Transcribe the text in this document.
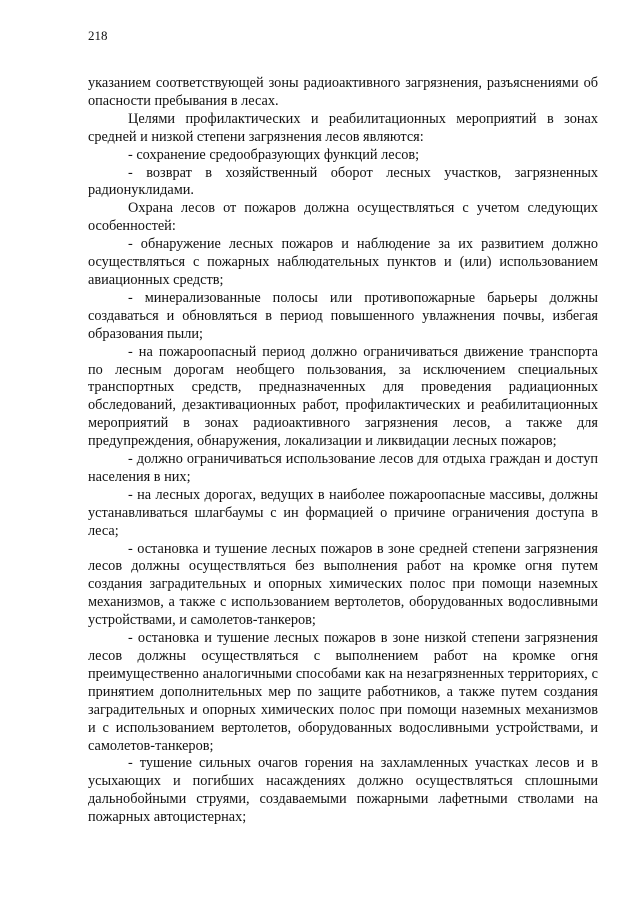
218

указанием соответствующей зоны радиоактивного загрязнения, разъяснениями об опасности пребывания в лесах.

Целями профилактических и реабилитационных мероприятий в зонах средней и низкой степени загрязнения лесов являются:

- сохранение средообразующих функций лесов;

- возврат в хозяйственный оборот лесных участков, загрязненных радионуклидами.

Охрана лесов от пожаров должна осуществляться с учетом следующих особенностей:

- обнаружение лесных пожаров и наблюдение за их развитием должно осуществляться с пожарных наблюдательных пунктов и (или) использованием авиационных средств;

- минерализованные полосы или противопожарные барьеры должны создаваться и обновляться в период повышенного увлажнения почвы, избегая образования пыли;

- на пожароопасный период должно ограничиваться движение транспорта по лесным дорогам необщего пользования, за исключением специальных транспортных средств, предназначенных для проведения радиационных обследований, дезактивационных работ, профилактических и реабилитационных мероприятий в зонах радиоактивного загрязнения лесов, а также для предупреждения, обнаружения, локализации и ликвидации лесных пожаров;

- должно ограничиваться использование лесов для отдыха граждан и доступ населения в них;

- на лесных дорогах, ведущих в наиболее пожароопасные массивы, должны устанавливаться шлагбаумы с ин формацией о причине ограничения доступа в леса;

- остановка и тушение лесных пожаров в зоне средней степени загрязнения лесов должны осуществляться без выполнения работ на кромке огня путем создания заградительных и опорных химических полос при помощи наземных механизмов, а также с использованием вертолетов, оборудованных водосливными устройствами, и самолетов-танкеров;

- остановка и тушение лесных пожаров в зоне низкой степени загрязнения лесов должны осуществляться с выполнением работ на кромке огня преимущественно аналогичными способами как на незагрязненных территориях, с принятием дополнительных мер по защите работников, а также путем создания заградительных и опорных химических полос при помощи наземных механизмов и с использованием вертолетов, оборудованных водосливными устройствами, и самолетов-танкеров;

- тушение сильных очагов горения на захламленных участках лесов и в усыхающих и погибших насаждениях должно осуществляться сплошными дальнобойными струями, создаваемыми пожарными лафетными стволами на пожарных автоцистернах;
